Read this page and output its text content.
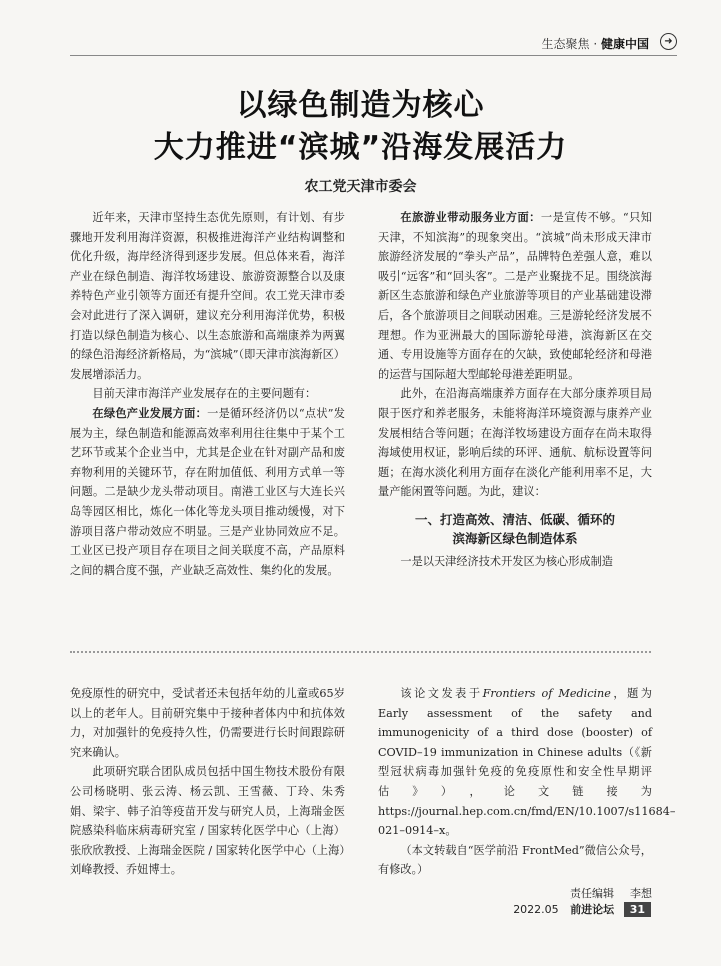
生态聚焦 · 健康中国	➜
以绿色制造为核心
大力推进“滨城”沿海发展活力
农工党天津市委会

近年来，天津市坚持生态优先原则，有计划、有步骤地开发利用海洋资源，积极推进海洋产业结构调整和优化升级，海岸经济得到逐步发展。但总体来看，海洋产业在绿色制造、海洋牧场建设、旅游资源整合以及康养特色产业引领等方面还有提升空间。农工党天津市委会对此进行了深入调研，建议充分利用海洋优势，积极打造以绿色制造为核心、以生态旅游和高端康养为两翼的绿色沿海经济新格局，为“滨城”（即天津市滨海新区）发展增添活力。

目前天津市海洋产业发展存在的主要问题有：

在绿色产业发展方面：一是循环经济仍以“点状”发展为主，绿色制造和能源高效率利用往往集中于某个工艺环节或某个企业当中，尤其是企业在针对副产品和废弃物利用的关键环节，存在附加值低、利用方式单一等问题。二是缺少龙头带动项目。南港工业区与大连长兴岛等园区相比，炼化一体化等龙头项目推动缓慢，对下游项目落户带动效应不明显。三是产业协同效应不足。工业区已投产项目存在项目之间关联度不高，产品原料之间的耦合度不强，产业缺乏高效性、集约化的发展。

在旅游业带动服务业方面：一是宣传不够。“只知天津，不知滨海”的现象突出。“滨城”尚未形成天津市旅游经济发展的“拳头产品”，品牌特色差强人意，难以吸引“远客”和“回头客”。二是产业聚拢不足。围绕滨海新区生态旅游和绿色产业旅游等项目的产业基础建设滞后，各个旅游项目之间联动困难。三是游轮经济发展不理想。作为亚洲最大的国际游轮母港，滨海新区在交通、专用设施等方面存在的欠缺，致使邮轮经济和母港的运营与国际超大型邮轮母港差距明显。

此外，在沿海高端康养方面存在大部分康养项目局限于医疗和养老服务，未能将海洋环境资源与康养产业发展相结合等问题；在海洋牧场建设方面存在尚未取得海域使用权证，影响后续的环评、通航、航标设置等问题；在海水淡化利用方面存在淡化产能利用率不足，大量产能闲置等问题。为此，建议：

一、打造高效、清洁、低碳、循环的
滨海新区绿色制造体系

一是以天津经济技术开发区为核心形成制造

免疫原性的研究中，受试者还未包括年幼的儿童或65岁以上的老年人。目前研究集中于接种者体内中和抗体效力，对加强针的免疫持久性，仍需要进行长时间跟踪研究来确认。

此项研究联合团队成员包括中国生物技术股份有限公司杨晓明、张云涛、杨云凯、王雪薇、丁玲、朱秀娟、梁宇、韩子泊等疫苗开发与研究人员，上海瑞金医院感染科临床病毒研究室 / 国家转化医学中心（上海）张欣欣教授、上海瑞金医院 / 国家转化医学中心（上海）刘峰教授、乔妞博士。

该论文发表于Frontiers of Medicine，题为Early assessment of the safety and immunogenicity of a third dose (booster) of COVID–19 immunization in Chinese adults（《新型冠状病毒加强针免疫的免疫原性和安全性早期评估》），论文链接为https://journal.hep.com.cn/fmd/EN/10.1007/s11684–021–0914–x。

（本文转载自“医学前沿 FrontMed”微信公众号，有修改。）

责任编辑 李想
2022.05 前进论坛 31
